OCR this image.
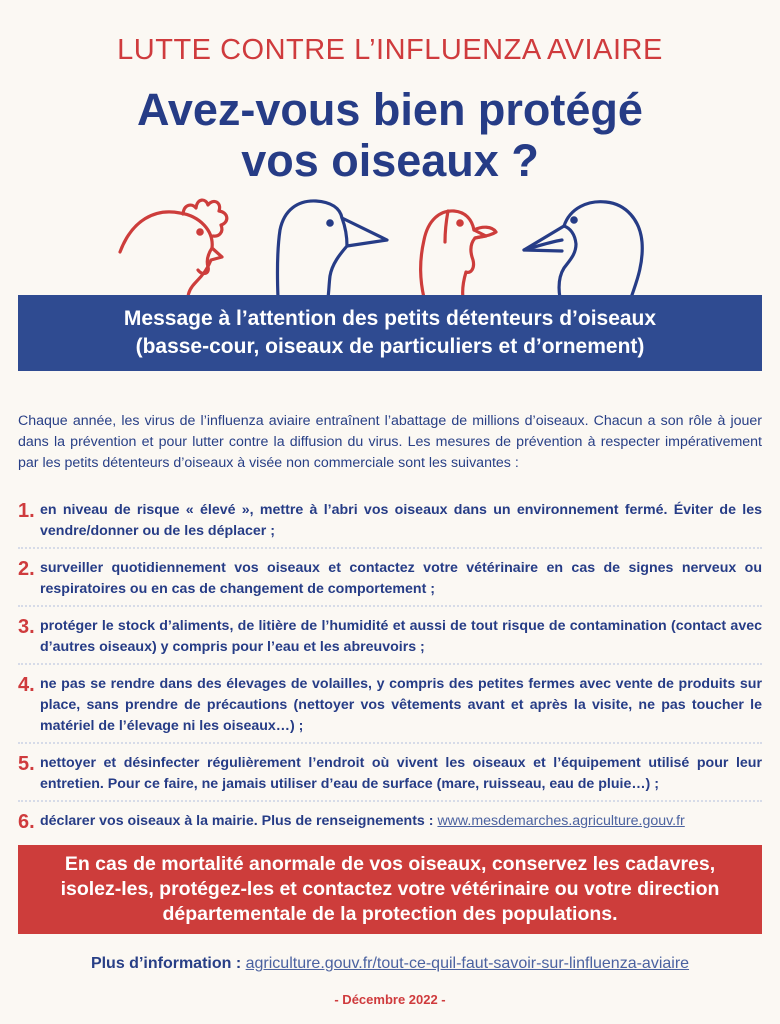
LUTTE CONTRE L’INFLUENZA AVIAIRE
Avez-vous bien protégé
vos oiseaux ?
Message à l’attention des petits détenteurs d’oiseaux
(basse-cour, oiseaux de particuliers et d’ornement)
Chaque année, les virus de l’influenza aviaire entraînent l’abattage de millions d’oiseaux. Chacun a son rôle à jouer dans la prévention et pour lutter contre la diffusion du virus. Les mesures de prévention à respecter impérativement par les petits détenteurs d’oiseaux à visée non commerciale sont les suivantes :
1. en niveau de risque « élevé », mettre à l’abri vos oiseaux dans un environnement fermé. Éviter de les vendre/donner ou de les déplacer ;
2. surveiller quotidiennement vos oiseaux et contactez votre vétérinaire en cas de signes nerveux ou respiratoires ou en cas de changement de comportement ;
3. protéger le stock d’aliments, de litière de l’humidité et aussi de tout risque de contamination (contact avec d’autres oiseaux) y compris pour l’eau et les abreuvoirs ;
4. ne pas se rendre dans des élevages de volailles, y compris des petites fermes avec vente de produits sur place, sans prendre de précautions (nettoyer vos vêtements avant et après la visite, ne pas toucher le matériel de l’élevage ni les oiseaux…) ;
5. nettoyer et désinfecter régulièrement l’endroit où vivent les oiseaux et l’équipement utilisé pour leur entretien. Pour ce faire, ne jamais utiliser d’eau de surface (mare, ruisseau, eau de pluie…) ;
6. déclarer vos oiseaux à la mairie. Plus de renseignements : www.mesdemarches.agriculture.gouv.fr
En cas de mortalité anormale de vos oiseaux, conservez les cadavres,
isolez-les, protégez-les et contactez votre vétérinaire ou votre direction
départementale de la protection des populations.
Plus d’information : agriculture.gouv.fr/tout-ce-quil-faut-savoir-sur-linfluenza-aviaire
- Décembre 2022 -
